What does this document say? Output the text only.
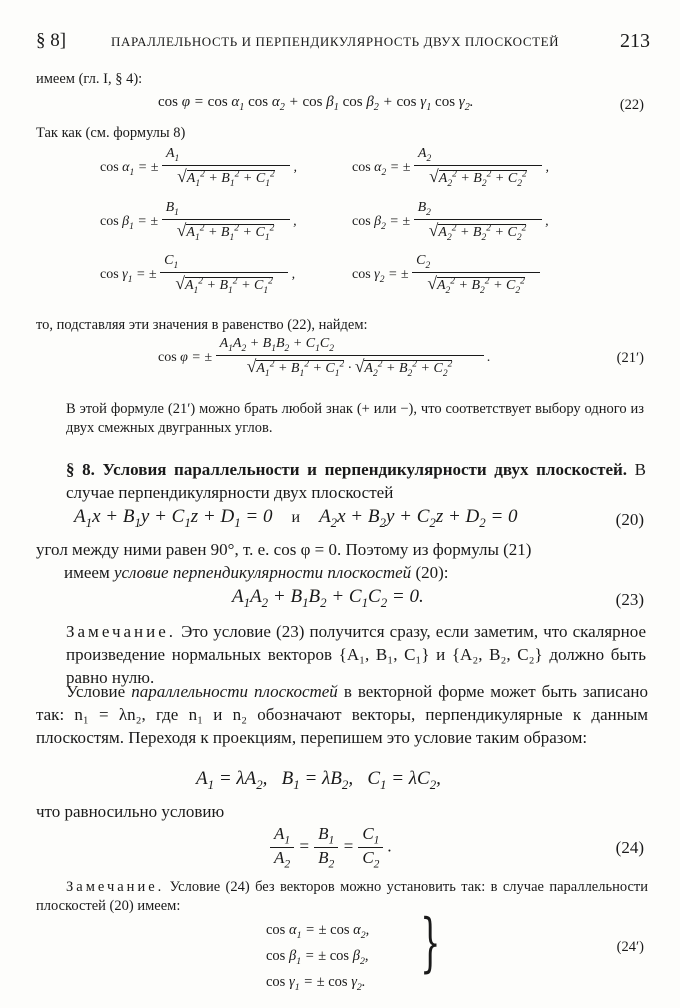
§ 8]	ПАРАЛЛЕЛЬНОСТЬ И ПЕРПЕНДИКУЛЯРНОСТЬ ДВУХ ПЛОСКОСТЕЙ	213
имеем (гл. I, § 4):
$\cos \varphi = \cos \alpha_1$ $\cos \alpha_2 + \cos \beta_1$ $\cos \beta_2 + \cos \gamma_1$ $\cos \gamma_2$.	(22)
Так как (см. формулы 8)
$\cos \alpha_1$ = ± $\frac{A_1}{√A_1^2 + B_1^2 + C_1^2}$ ,	$\cos \alpha_2$ = ± $\frac{A_2}{√A_2^2 + B_2^2 + C_2^2}$ ,
$\cos \beta_1$ = ± $\frac{B_1}{√A_1^2 + B_1^2 + C_1^2}$ ,	$\cos \beta_2$ = ± $\frac{B_2}{√A_2^2 + B_2^2 + C_2^2}$ ,
$\cos \gamma_1$ = ± $\frac{C_1}{√A_1^2 + B_1^2 + C_1^2}$ ,	$\cos \gamma_2$ = ± $\frac{C_2}{√A_2^2 + B_2^2 + C_2^2}$
то, подставляя эти значения в равенство (22), найдем:
cos φ = ± $\frac{A_1A_2 + B_1B_2 + C_1C_2}{√A_1^2 + B_1^2 + C_1^2 \cdot √A_2^2 + B_2^2 + C_2^2}$ .	(21′)
В этой формуле (21′) можно брать любой знак (+ или −), что соответствует выбору одного из двух смежных двугранных углов.
§ 8. Условия параллельности и перпендикулярности двух плоскостей. В случае перпендикулярности двух плоскостей
$A_1x + B_1y + C_1z + D_1 = 0$    и    $A_2x + B_2y + C_2z + D_2 = 0$	(20)
угол между ними равен 90°, т. е. cos φ = 0. Поэтому из формулы (21)
имеем условие перпендикулярности плоскостей (20):
$A_1A_2 + B_1B_2 + C_1C_2 = 0$.	(23)
Замечание. Это условие (23) получится сразу, если заметим, что скалярное произведение нормальных векторов {A₁, B₁, C₁} и {A₂, B₂, C₂} должно быть равно нулю.
Условие параллельности плоскостей в векторной форме может быть записано так: n₁ = λn₂, где n₁ и n₂ обозначают векторы, перпендикулярные к данным плоскостям. Переходя к проекциям, перепишем это условие таким образом:
$A_1 = \lambda A_2$,   $B_1 = \lambda B_2$,   $C_1 = \lambda C_2$,
что равносильно условию
$\frac{A_1}{A_2} = \frac{B_1}{B_2} = \frac{C_1}{C_2}$ .	(24)
Замечание. Условие (24) без векторов можно установить так: в случае параллельности плоскостей (20) имеем:
$\cos \alpha_1$ = ± $\cos \alpha_2$,
$\cos \beta_1$ = ± $\cos \beta_2$,
$\cos \gamma_1$ = ± $\cos \gamma_2$.
}	(24′)
